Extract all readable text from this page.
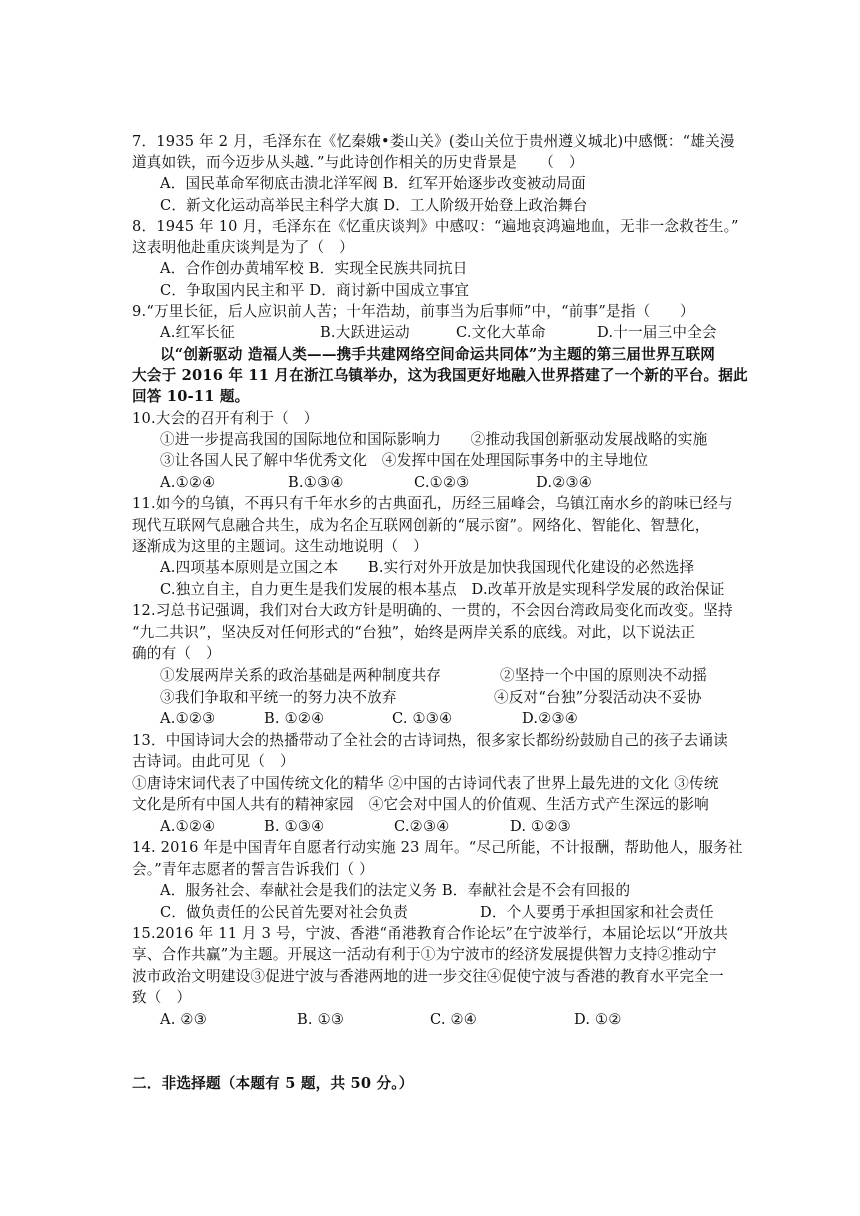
7．1935 年 2 月，毛泽东在《忆秦娥•娄山关》(娄山关位于贵州遵义城北)中感慨：“雄关漫
道真如铁，而今迈步从头越．”与此诗创作相关的历史背景是　　（　）
A．国民革命军彻底击溃北洋军阀 B．红军开始逐步改变被动局面
C．新文化运动高举民主科学大旗 D．工人阶级开始登上政治舞台
8．1945 年 10 月，毛泽东在《忆重庆谈判》中感叹：“遍地哀鸿遍地血，无非一念救苍生。”
这表明他赴重庆谈判是为了（　）
A．合作创办黄埔军校 B．实现全民族共同抗日
C．争取国内民主和平 D．商讨新中国成立事宜
9.“万里长征，后人应识前人苦；十年浩劫，前事当为后事师”中，“前事”是指（　　）
A.红军长征	B.大跃进运动	C.文化大革命	D.十一届三中全会
以“创新驱动 造福人类——携手共建网络空间命运共同体”为主题的第三届世界互联网
大会于 2016 年 11 月在浙江乌镇举办，这为我国更好地融入世界搭建了一个新的平台。据此
回答 10-11 题。
10.大会的召开有利于（　）
①进一步提高我国的国际地位和国际影响力　　②推动我国创新驱动发展战略的实施
③让各国人民了解中华优秀文化　④发挥中国在处理国际事务中的主导地位
A.①②④	B.①③④	C.①②③	D.②③④
11.如今的乌镇，不再只有千年水乡的古典面孔，历经三届峰会，乌镇江南水乡的韵味已经与
现代互联网气息融合共生，成为名企互联网创新的“展示窗”。网络化、智能化、智慧化，
逐渐成为这里的主题词。这生动地说明（　）
A.四项基本原则是立国之本　　B.实行对外开放是加快我国现代化建设的必然选择
C.独立自主，自力更生是我们发展的根本基点　D.改革开放是实现科学发展的政治保证
12.习总书记强调，我们对台大政方针是明确的、一贯的，不会因台湾政局变化而改变。坚持
“九二共识”，坚决反对任何形式的“台独”，始终是两岸关系的底线。对此，以下说法正
确的有（　）
①发展两岸关系的政治基础是两种制度共存	②坚持一个中国的原则决不动摇
③我们争取和平统一的努力决不放弃	④反对“台独”分裂活动决不妥协
A.①②③	B. ①②④	C. ①③④	D.②③④
13．中国诗词大会的热播带动了全社会的古诗词热，很多家长都纷纷鼓励自己的孩子去诵读
古诗词。由此可见（　）
①唐诗宋词代表了中国传统文化的精华 ②中国的古诗词代表了世界上最先进的文化 ③传统
文化是所有中国人共有的精神家园　④它会对中国人的价值观、生活方式产生深远的影响
A.①②④	B. ①③④	C.②③④	D. ①②③
14. 2016 年是中国青年自愿者行动实施 23 周年。“尽己所能，不计报酬，帮助他人，服务社
会。”青年志愿者的誓言告诉我们（ ）
A．服务社会、奉献社会是我们的法定义务 B．奉献社会是不会有回报的
C．做负责任的公民首先要对社会负责	D．个人要勇于承担国家和社会责任
15.2016 年 11 月 3 号，宁波、香港“甬港教育合作论坛”在宁波举行，本届论坛以“开放共
享、合作共赢”为主题。开展这一活动有利于①为宁波市的经济发展提供智力支持②推动宁
波市政治文明建设③促进宁波与香港两地的进一步交往④促使宁波与香港的教育水平完全一
致（　）
A. ②③	B. ①③	C. ②④	D. ①②
二．非选择题（本题有 5 题，共 50 分。）
